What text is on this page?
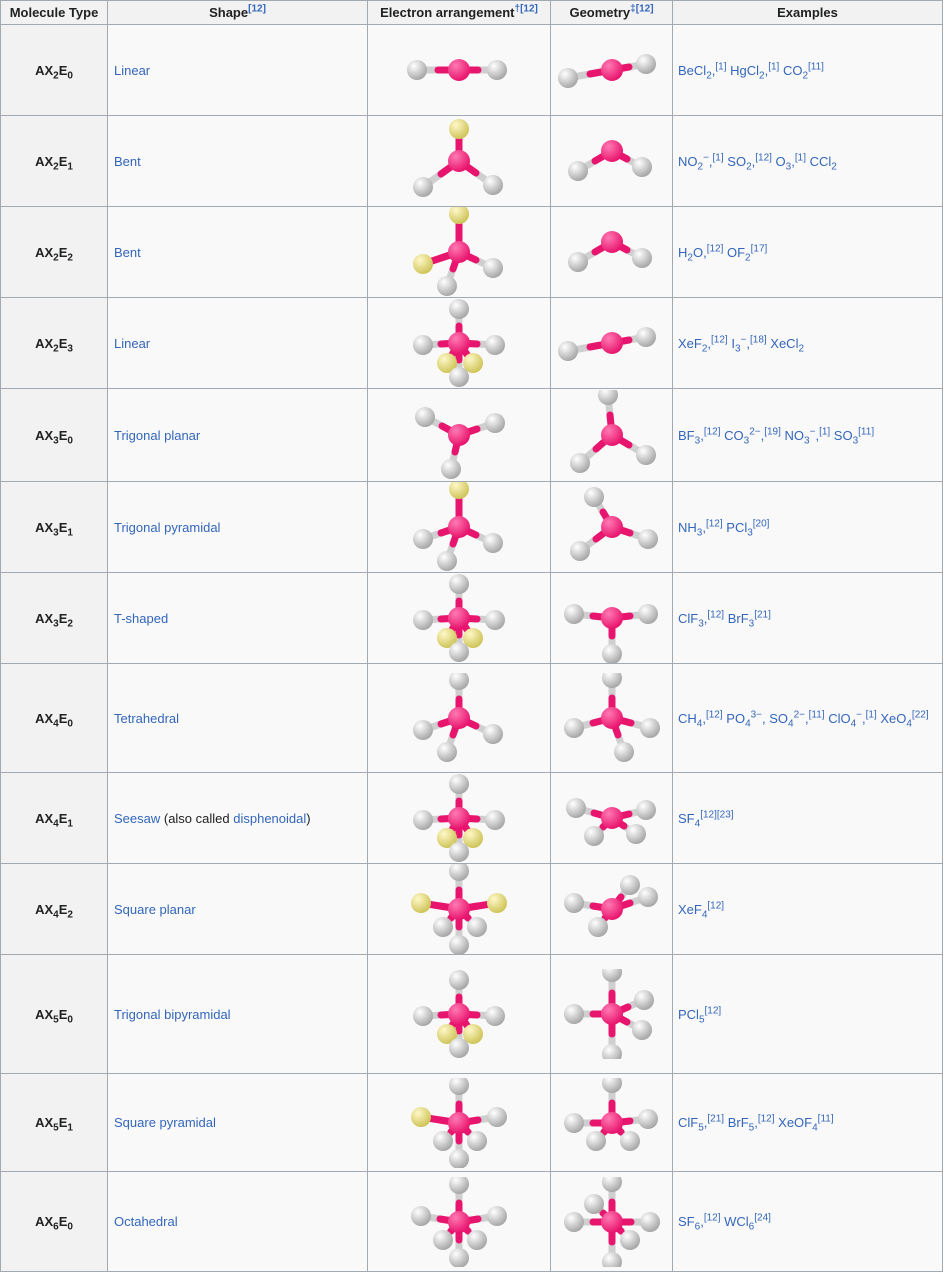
Molecule Type	Shape[12]	Electron arrangement$^{\dagger[12]}$	Geometry$^{\ddagger[12]}$	Examples
$AX_2E_0$	Linear			BeCl$_2$,[1] HgCl$_2$,[1] $CO_2[11]$
$AX_2E_1$	Bent			$NO_2^-,[1]$ $SO_2,[12]$ $O_3,[1]$ CCl$_2$
$AX_2E_2$	Bent			$H_2O,[12]$ $OF_2[17]$
$AX_2E_3$	Linear			XeF$_2$,[12] $I_3^-,[18]$ XeCl$_2$
$AX_3E_0$	Trigonal planar			$BF_3,[12]$ $CO_3^{2-},[19]$ $NO_3^-,[1]$ $SO_3[11]$
$AX_3E_1$	Trigonal pyramidal			$NH_3,[12]$ PCl$_3$[20]
$AX_3E_2$	T-shaped			ClF$_3$,[12] BrF$_3$[21]
$AX_4E_0$	Tetrahedral			$CH_4,[12]$ $PO_4^{3-}$, $SO_4^{2-},[11]$ ClO$_4$−,[1] XeO$_4$[22]
$AX_4E_1$	Seesaw (also called disphenoidal)			$SF_4[12][23]$
$AX_4E_2$	Square planar			XeF$_4$[12]
$AX_5E_0$	Trigonal bipyramidal			PCl$_5$[12]
$AX_5E_1$	Square pyramidal			ClF$_5$,[21] BrF$_5$,[12] XeOF$_4$[11]
$AX_6E_0$	Octahedral			$SF_6,[12]$ WCl$_6$[24]
